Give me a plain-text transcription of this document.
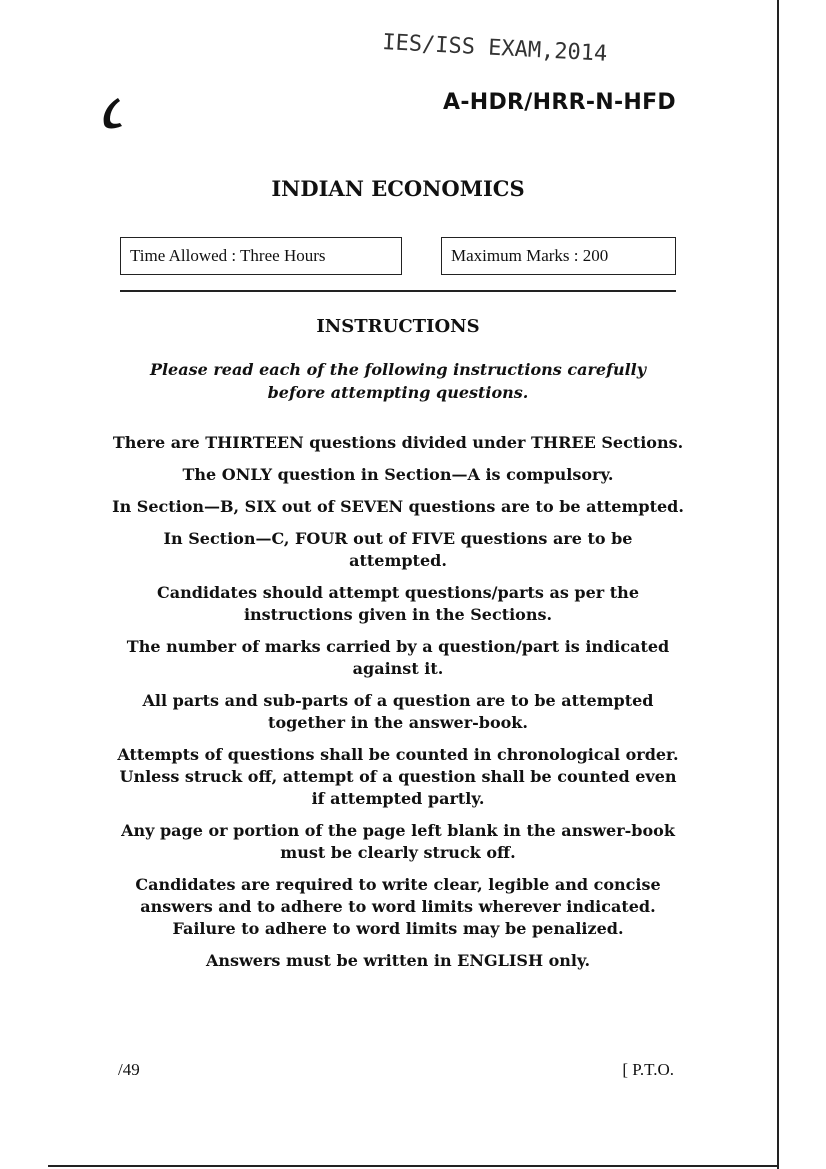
IES/ISS EXAM,2014
A-HDR/HRR-N-HFD
INDIAN ECONOMICS
Time Allowed : Three Hours	Maximum Marks : 200
INSTRUCTIONS
Please read each of the following instructions carefully before attempting questions.
There are THIRTEEN questions divided under THREE Sections.
The ONLY question in Section—A is compulsory.
In Section—B, SIX out of SEVEN questions are to be attempted.
In Section—C, FOUR out of FIVE questions are to be attempted.
Candidates should attempt questions/parts as per the instructions given in the Sections.
The number of marks carried by a question/part is indicated against it.
All parts and sub-parts of a question are to be attempted together in the answer-book.
Attempts of questions shall be counted in chronological order. Unless struck off, attempt of a question shall be counted even if attempted partly.
Any page or portion of the page left blank in the answer-book must be clearly struck off.
Candidates are required to write clear, legible and concise answers and to adhere to word limits wherever indicated. Failure to adhere to word limits may be penalized.
Answers must be written in ENGLISH only.
/49	[ P.T.O.
